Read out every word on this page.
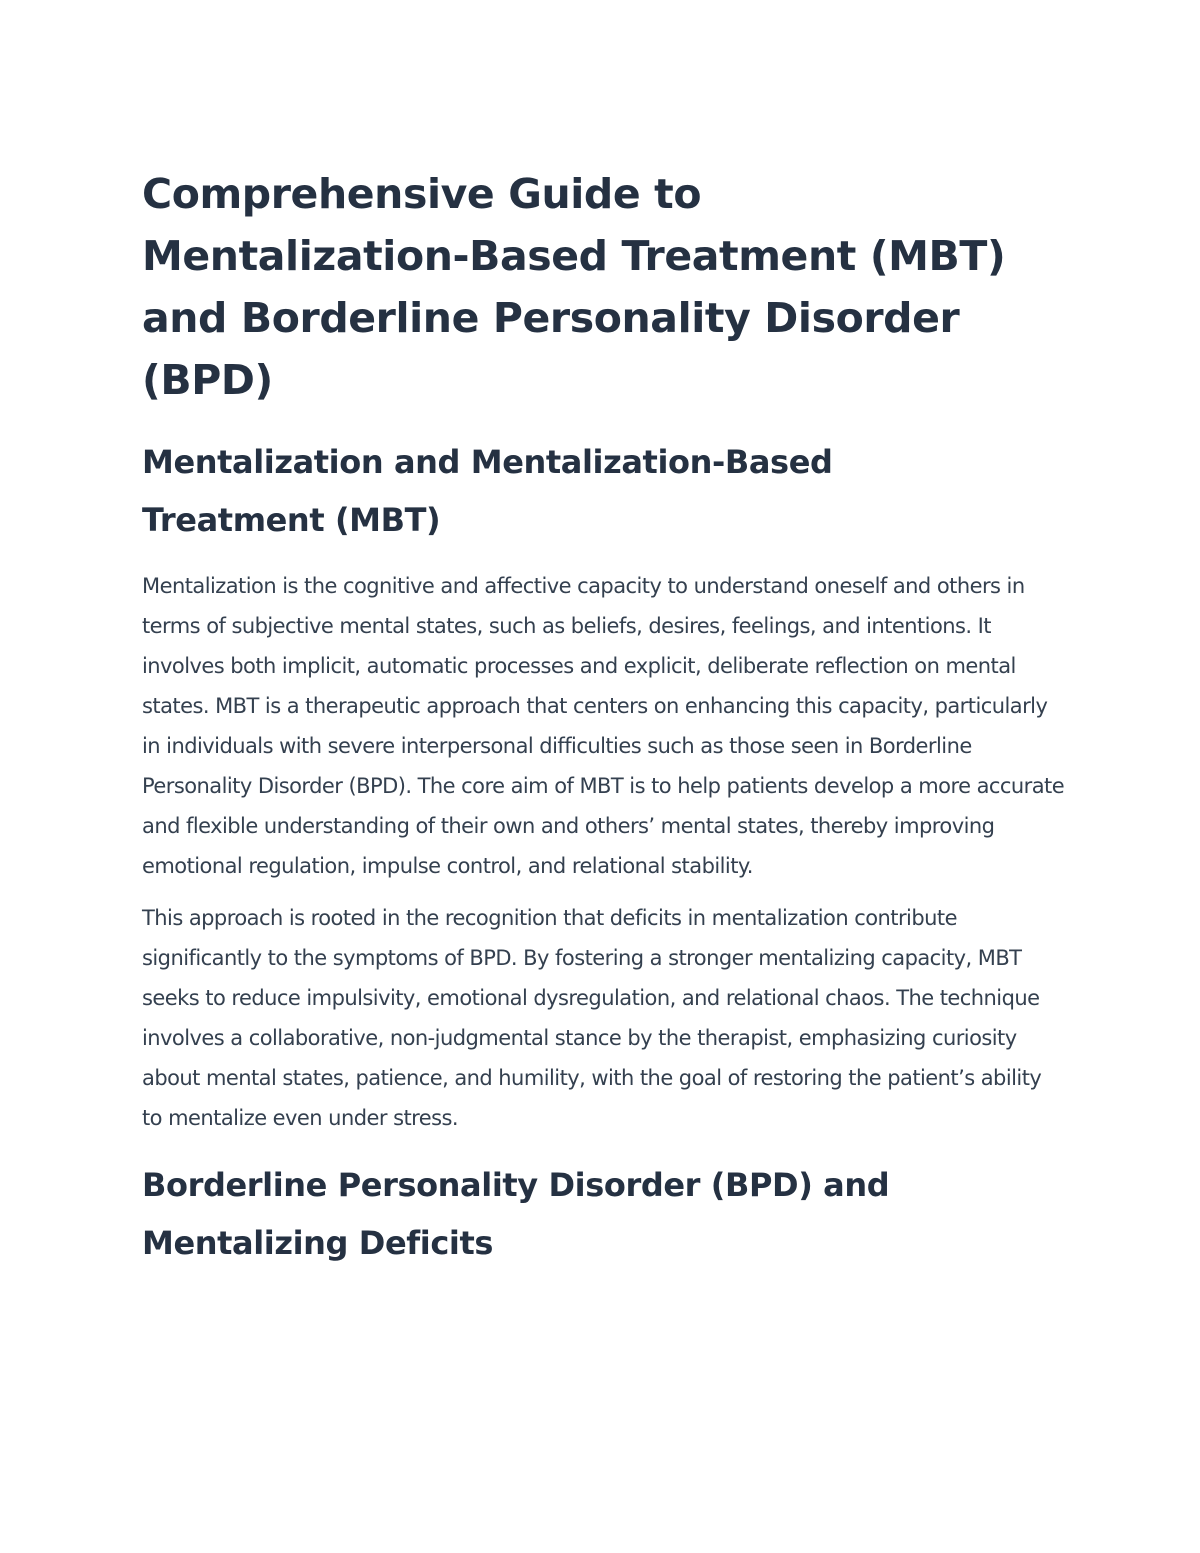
Comprehensive Guide to Mentalization-Based Treatment (MBT) and Borderline Personality Disorder (BPD)
Mentalization and Mentalization-Based Treatment (MBT)

Mentalization is the cognitive and affective capacity to understand oneself and others in terms of subjective mental states, such as beliefs, desires, feelings, and intentions. It involves both implicit, automatic processes and explicit, deliberate reflection on mental states. MBT is a therapeutic approach that centers on enhancing this capacity, particularly in individuals with severe interpersonal difficulties such as those seen in Borderline Personality Disorder (BPD). The core aim of MBT is to help patients develop a more accurate and flexible understanding of their own and others’ mental states, thereby improving emotional regulation, impulse control, and relational stability.

This approach is rooted in the recognition that deficits in mentalization contribute significantly to the symptoms of BPD. By fostering a stronger mentalizing capacity, MBT seeks to reduce impulsivity, emotional dysregulation, and relational chaos. The technique involves a collaborative, non-judgmental stance by the therapist, emphasizing curiosity about mental states, patience, and humility, with the goal of restoring the patient’s ability to mentalize even under stress.

Borderline Personality Disorder (BPD) and Mentalizing Deficits
